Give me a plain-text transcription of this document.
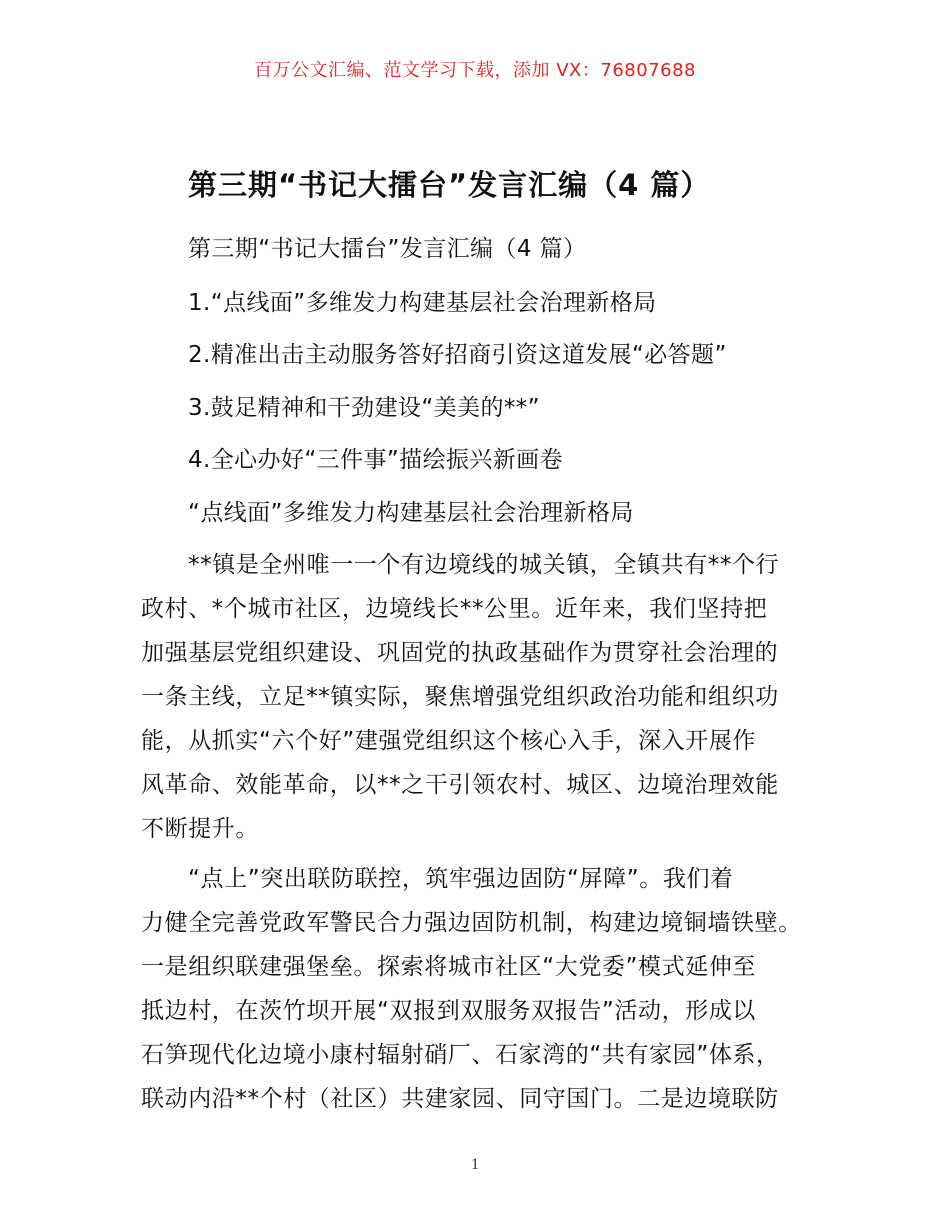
百万公文汇编、范文学习下载，添加 VX：76807688
第三期“书记大擂台”发言汇编（4 篇）
第三期“书记大擂台”发言汇编（4 篇）
1.“点线面”多维发力构建基层社会治理新格局
2.精准出击主动服务答好招商引资这道发展“必答题”
3.鼓足精神和干劲建设“美美的**”
4.全心办好“三件事”描绘振兴新画卷
“点线面”多维发力构建基层社会治理新格局
**镇是全州唯一一个有边境线的城关镇，全镇共有**个行
政村、*个城市社区，边境线长**公里。近年来，我们坚持把
加强基层党组织建设、巩固党的执政基础作为贯穿社会治理的
一条主线，立足**镇实际，聚焦增强党组织政治功能和组织功
能，从抓实“六个好”建强党组织这个核心入手，深入开展作
风革命、效能革命，以**之干引领农村、城区、边境治理效能
不断提升。
“点上”突出联防联控，筑牢强边固防“屏障”。我们着
力健全完善党政军警民合力强边固防机制，构建边境铜墙铁壁。
一是组织联建强堡垒。探索将城市社区“大党委”模式延伸至
抵边村，在茨竹坝开展“双报到双服务双报告”活动，形成以
石笋现代化边境小康村辐射硝厂、石家湾的“共有家园”体系，
联动内沿**个村（社区）共建家园、同守国门。二是边境联防
1
